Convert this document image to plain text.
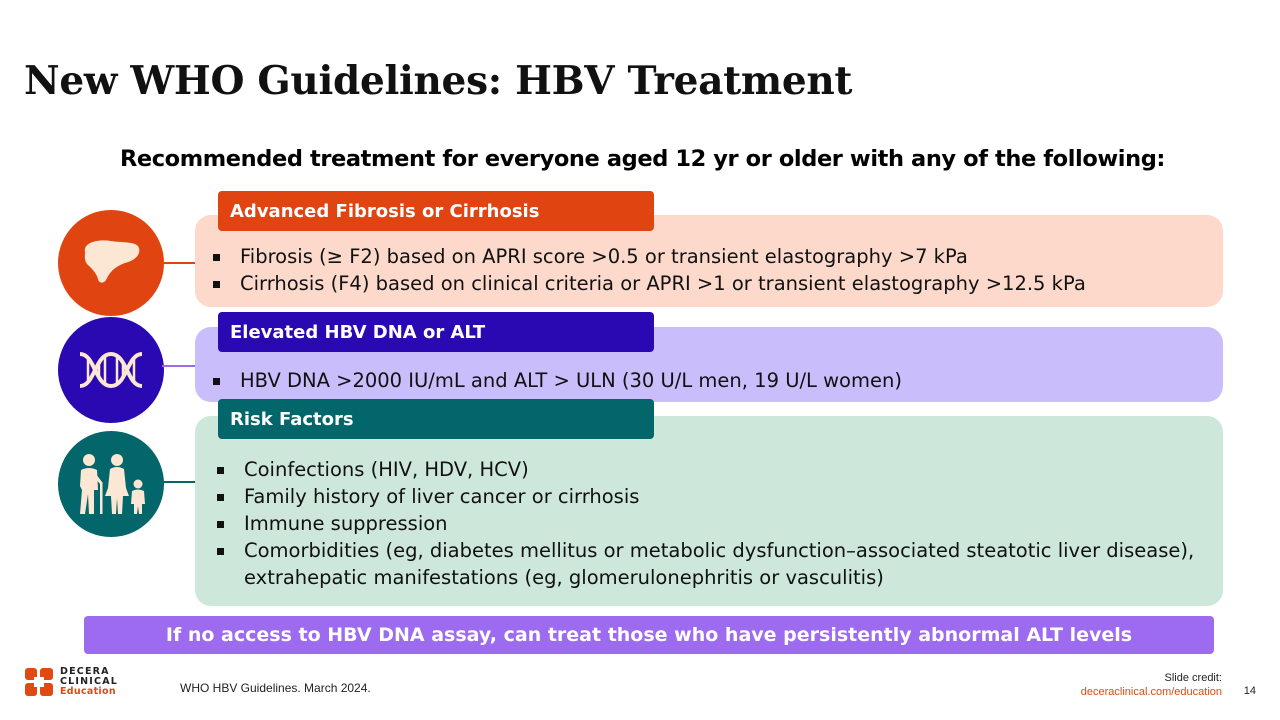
New WHO Guidelines: HBV Treatment
Recommended treatment for everyone aged 12 yr or older with any of the following:
Advanced Fibrosis or Cirrhosis
Fibrosis (≥ F2) based on APRI score >0.5 or transient elastography >7 kPa
Cirrhosis (F4) based on clinical criteria or APRI >1 or transient elastography >12.5 kPa
Elevated HBV DNA or ALT
HBV DNA >2000 IU/mL and ALT > ULN (30 U/L men, 19 U/L women)
Risk Factors
Coinfections (HIV, HDV, HCV)
Family history of liver cancer or cirrhosis
Immune suppression
Comorbidities (eg, diabetes mellitus or metabolic dysfunction–associated steatotic liver disease), extrahepatic manifestations (eg, glomerulonephritis or vasculitis)
If no access to HBV DNA assay, can treat those who have persistently abnormal ALT levels
DECERA
CLINICAL
Education	WHO HBV Guidelines. March 2024.
Slide credit:
deceraclinical.com/education 14
